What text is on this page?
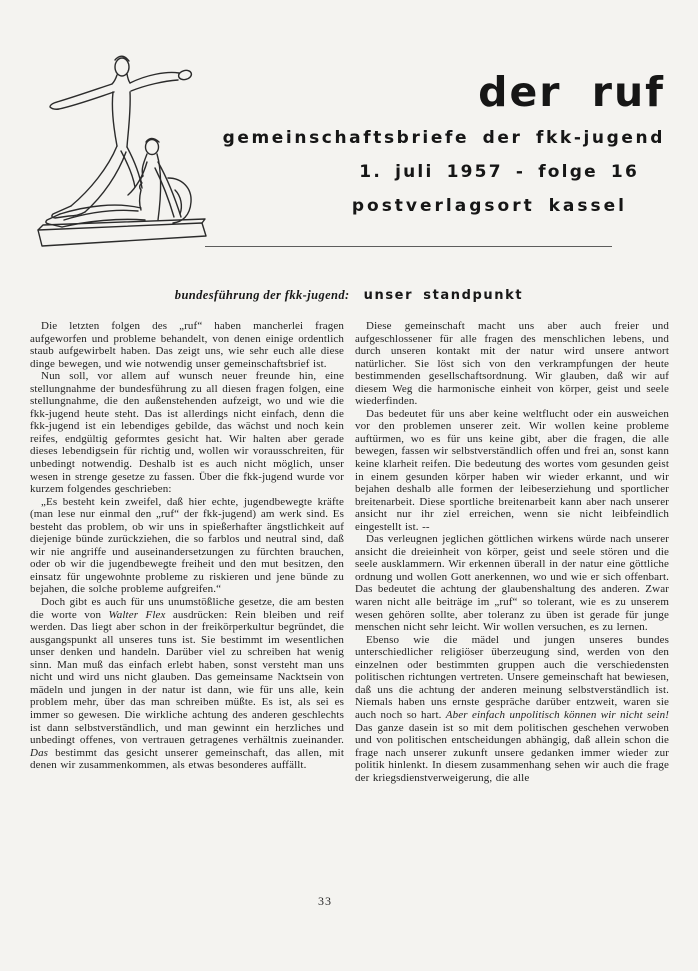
der ruf
gemeinschaftsbriefe der fkk-jugend
1. juli 1957 - folge 16
postverlagsort kassel
bundesführung der fkk-jugend: unser standpunkt

Die letzten folgen des „ruf“ haben mancherlei fragen aufgeworfen und probleme behandelt, von denen einige ordentlich staub aufgewirbelt haben. Das zeigt uns, wie sehr euch alle diese dinge bewegen, und wie notwendig unser gemeinschaftsbrief ist.

Nun soll, vor allem auf wunsch neuer freunde hin, eine stellungnahme der bundesführung zu all diesen fragen folgen, eine stellungnahme, die den außenstehenden aufzeigt, wo und wie die fkk-jugend heute steht. Das ist allerdings nicht einfach, denn die fkk-jugend ist ein lebendiges gebilde, das wächst und noch kein reifes, endgültig geformtes gesicht hat. Wir halten aber gerade dieses lebendigsein für richtig und, wollen wir vorausschreiten, für unbedingt notwendig. Deshalb ist es auch nicht möglich, unser wesen in strenge gesetze zu fassen. Über die fkk-jugend wurde vor kurzem folgendes geschrieben:

„Es besteht kein zweifel, daß hier echte, jugendbewegte kräfte (man lese nur einmal den „ruf“ der fkk-jugend) am werk sind. Es besteht das problem, ob wir uns in spießerhafter ängstlichkeit auf diejenige bünde zurückziehen, die so farblos und neutral sind, daß wir nie angriffe und auseinandersetzungen zu fürchten brauchen, oder ob wir die jugendbewegte freiheit und den mut besitzen, den einsatz für ungewohnte probleme zu riskieren und jene bünde zu bejahen, die solche probleme aufgreifen.“

Doch gibt es auch für uns unumstößliche gesetze, die am besten die worte von Walter Flex ausdrücken: Rein bleiben und reif werden. Das liegt aber schon in der freikörperkultur begründet, die ausgangspunkt all unseres tuns ist. Sie bestimmt im wesentlichen unser denken und handeln. Darüber viel zu schreiben hat wenig sinn. Man muß das einfach erlebt haben, sonst versteht man uns nicht und wird uns nicht glauben. Das gemeinsame Nacktsein von mädeln und jungen in der natur ist dann, wie für uns alle, kein problem mehr, über das man schreiben müßte. Es ist, als sei es immer so gewesen. Die wirkliche achtung des anderen geschlechts ist dann selbstverständlich, und man gewinnt ein herzliches und unbedingt offenes, von vertrauen getragenes verhältnis zueinander. Das bestimmt das gesicht unserer gemeinschaft, das allen, mit denen wir zusammenkommen, als etwas besonderes auffällt.

Diese gemeinschaft macht uns aber auch freier und aufgeschlossener für alle fragen des menschlichen lebens, und durch unseren kontakt mit der natur wird unsere antwort natürlicher. Sie löst sich von den verkrampfungen der heute bestimmenden gesellschaftsordnung. Wir glauben, daß wir auf diesem Weg die harmonische einheit von körper, geist und seele wiederfinden.

Das bedeutet für uns aber keine weltflucht oder ein ausweichen vor den problemen unserer zeit. Wir wollen keine probleme auftürmen, wo es für uns keine gibt, aber die fragen, die alle bewegen, fassen wir selbstverständlich offen und frei an, sonst kann keine klarheit reifen. Die bedeutung des wortes vom gesunden geist in einem gesunden körper haben wir wieder erkannt, und wir bejahen deshalb alle formen der leibeserziehung und sportlicher breitenarbeit. Diese sportliche breitenarbeit kann aber nach unserer ansicht nur ihr ziel erreichen, wenn sie nicht leibfeindlich eingestellt ist. --

Das verleugnen jeglichen göttlichen wirkens würde nach unserer ansicht die dreieinheit von körper, geist und seele stören und die seele ausklammern. Wir erkennen überall in der natur eine göttliche ordnung und wollen Gott anerkennen, wo und wie er sich offenbart. Das bedeutet die achtung der glaubenshaltung des anderen. Zwar waren nicht alle beiträge im „ruf“ so tolerant, wie es zu unserem wesen gehören sollte, aber toleranz zu üben ist gerade für junge menschen nicht sehr leicht. Wir wollen versuchen, es zu lernen.

Ebenso wie die mädel und jungen unseres bundes unterschiedlicher religiöser überzeugung sind, werden von den einzelnen oder bestimmten gruppen auch die verschiedensten politischen richtungen vertreten. Unsere gemeinschaft hat bewiesen, daß uns die achtung der anderen meinung selbstverständlich ist. Niemals haben uns ernste gespräche darüber entzweit, waren sie auch noch so hart. Aber einfach unpolitisch können wir nicht sein! Das ganze dasein ist so mit dem politischen geschehen verwoben und von politischen entscheidungen abhängig, daß allein schon die frage nach unserer zukunft unsere gedanken immer wieder zur politik hinlenkt. In diesem zusammenhang sehen wir auch die frage der kriegsdienstverweigerung, die alle

33
